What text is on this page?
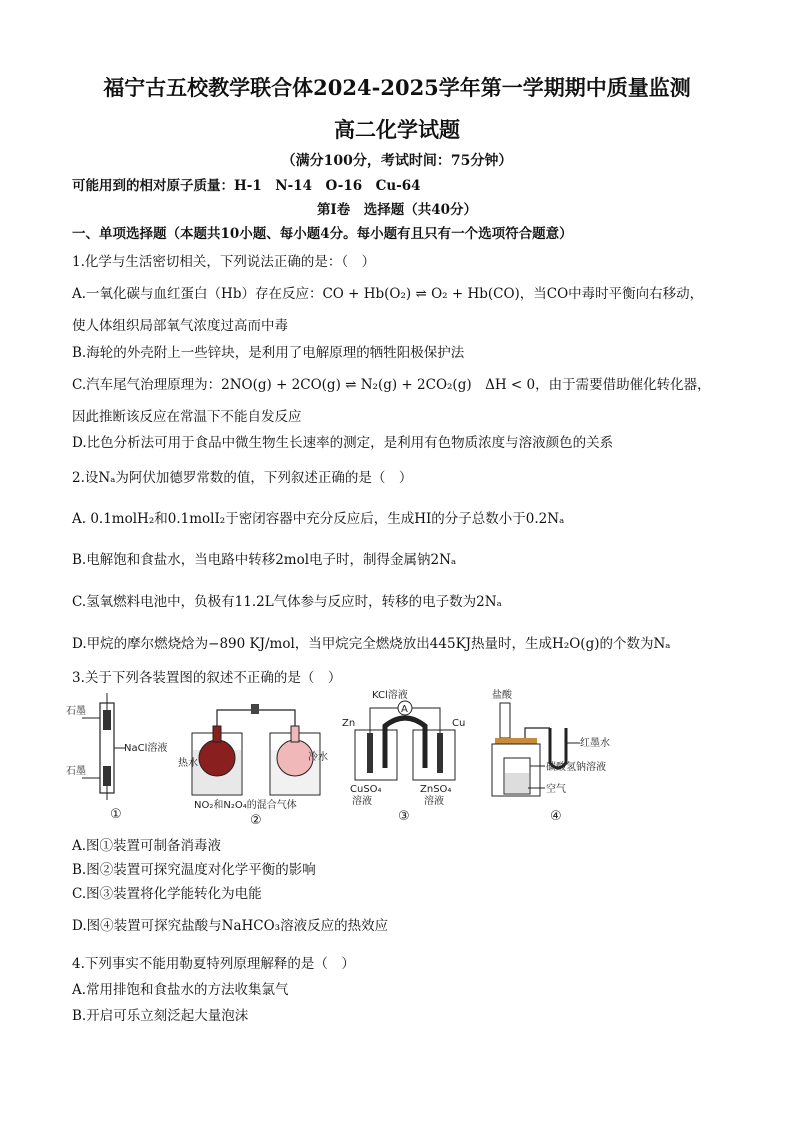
福宁古五校教学联合体2024-2025学年第一学期期中质量监测
高二化学试题
（满分100分，考试时间：75分钟）
可能用到的相对原子质量：H-1　N-14　O-16　Cu-64
第Ⅰ卷　选择题（共40分）
一、单项选择题（本题共10小题、每小题4分。每小题有且只有一个选项符合题意）
1.化学与生活密切相关，下列说法正确的是：（　）
A.一氧化碳与血红蛋白（Hb）存在反应：CO + Hb(O₂) ⇌ O₂ + Hb(CO)，当CO中毒时平衡向右移动，
使人体组织局部氧气浓度过高而中毒
B.海轮的外壳附上一些锌块，是利用了电解原理的牺牲阳极保护法
C.汽车尾气治理原理为：2NO(g) + 2CO(g) ⇌ N₂(g) + 2CO₂(g)　ΔH < 0，由于需要借助催化转化器，
因此推断该反应在常温下不能自发反应
D.比色分析法可用于食品中微生物生长速率的测定，是利用有色物质浓度与溶液颜色的关系
2.设Nₐ为阿伏加德罗常数的值，下列叙述正确的是（　）
A. 0.1molH₂和0.1molI₂于密闭容器中充分反应后，生成HI的分子总数小于0.2Nₐ
B.电解饱和食盐水，当电路中转移2mol电子时，制得金属钠2Nₐ
C.氢氧燃料电池中，负极有11.2L气体参与反应时，转移的电子数为2Nₐ
D.甲烷的摩尔燃烧焓为−890 KJ/mol，当甲烷完全燃烧放出445KJ热量时，生成H₂O(g)的个数为Nₐ
3.关于下列各装置图的叙述不正确的是（　）
石墨
石墨
NaCl溶液
①
热水
冷水
NO₂和N₂O₄的混合气体
②
A
KCl溶液
Zn	Cu
CuSO₄
溶液
ZnSO₄
溶液
③
盐酸
红墨水
碳酸氢钠溶液
空气
④
A.图①装置可制备消毒液
B.图②装置可探究温度对化学平衡的影响
C.图③装置将化学能转化为电能
D.图④装置可探究盐酸与NaHCO₃溶液反应的热效应
4.下列事实不能用勒夏特列原理解释的是（　）
A.常用排饱和食盐水的方法收集氯气
B.开启可乐立刻泛起大量泡沫
